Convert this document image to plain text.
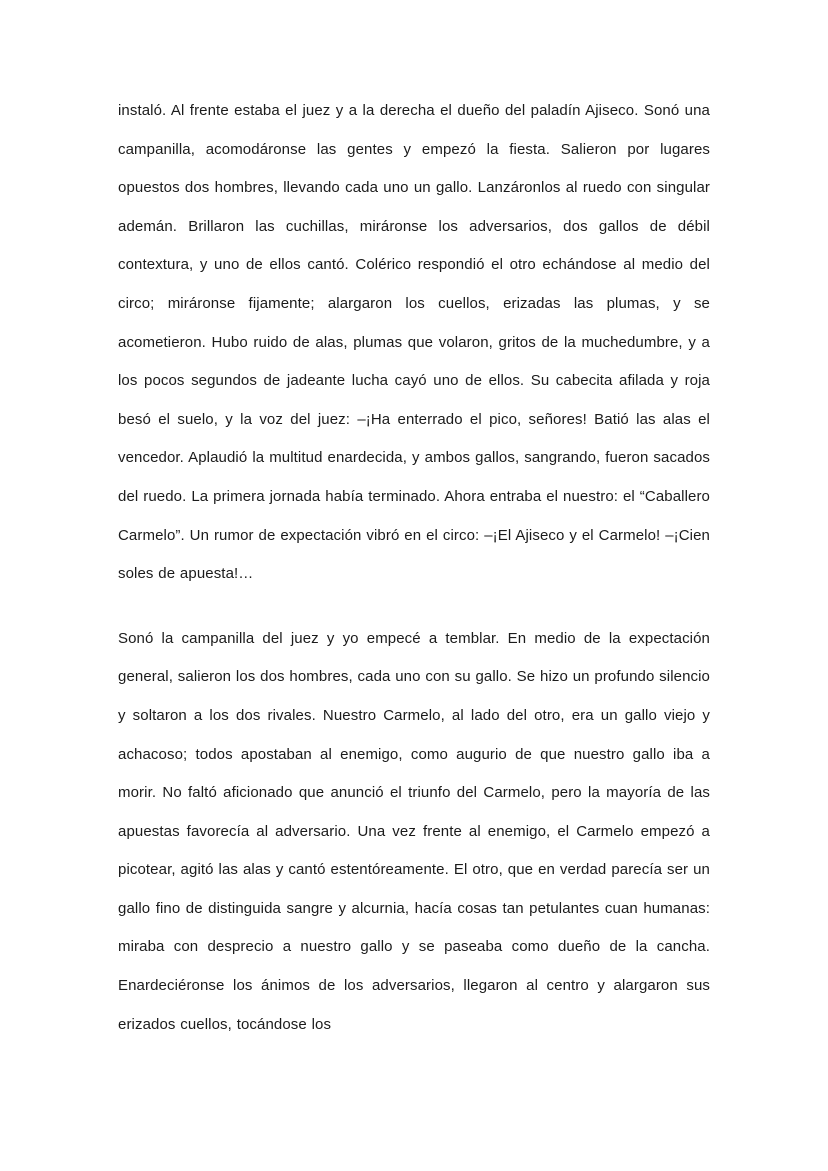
instaló. Al frente estaba el juez y a la derecha el dueño del paladín Ajiseco. Sonó una campanilla, acomodáronse las gentes y empezó la fiesta. Salieron por lugares opuestos dos hombres, llevando cada uno un gallo. Lanzáronlos al ruedo con singular ademán. Brillaron las cuchillas, miráronse los adversarios, dos gallos de débil contextura, y uno de ellos cantó. Colérico respondió el otro echándose al medio del circo; miráronse fijamente; alargaron los cuellos, erizadas las plumas, y se acometieron. Hubo ruido de alas, plumas que volaron, gritos de la muchedumbre, y a los pocos segundos de jadeante lucha cayó uno de ellos. Su cabecita afilada y roja besó el suelo, y la voz del juez: –¡Ha enterrado el pico, señores! Batió las alas el vencedor. Aplaudió la multitud enardecida, y ambos gallos, sangrando, fueron sacados del ruedo. La primera jornada había terminado. Ahora entraba el nuestro: el “Caballero Carmelo”. Un rumor de expectación vibró en el circo: –¡El Ajiseco y el Carmelo! –¡Cien soles de apuesta!…

Sonó la campanilla del juez y yo empecé a temblar. En medio de la expectación general, salieron los dos hombres, cada uno con su gallo. Se hizo un profundo silencio y soltaron a los dos rivales. Nuestro Carmelo, al lado del otro, era un gallo viejo y achacoso; todos apostaban al enemigo, como augurio de que nuestro gallo iba a morir. No faltó aficionado que anunció el triunfo del Carmelo, pero la mayoría de las apuestas favorecía al adversario. Una vez frente al enemigo, el Carmelo empezó a picotear, agitó las alas y cantó estentóreamente. El otro, que en verdad parecía ser un gallo fino de distinguida sangre y alcurnia, hacía cosas tan petulantes cuan humanas: miraba con desprecio a nuestro gallo y se paseaba como dueño de la cancha. Enardeciéronse los ánimos de los adversarios, llegaron al centro y alargaron sus erizados cuellos, tocándose los
